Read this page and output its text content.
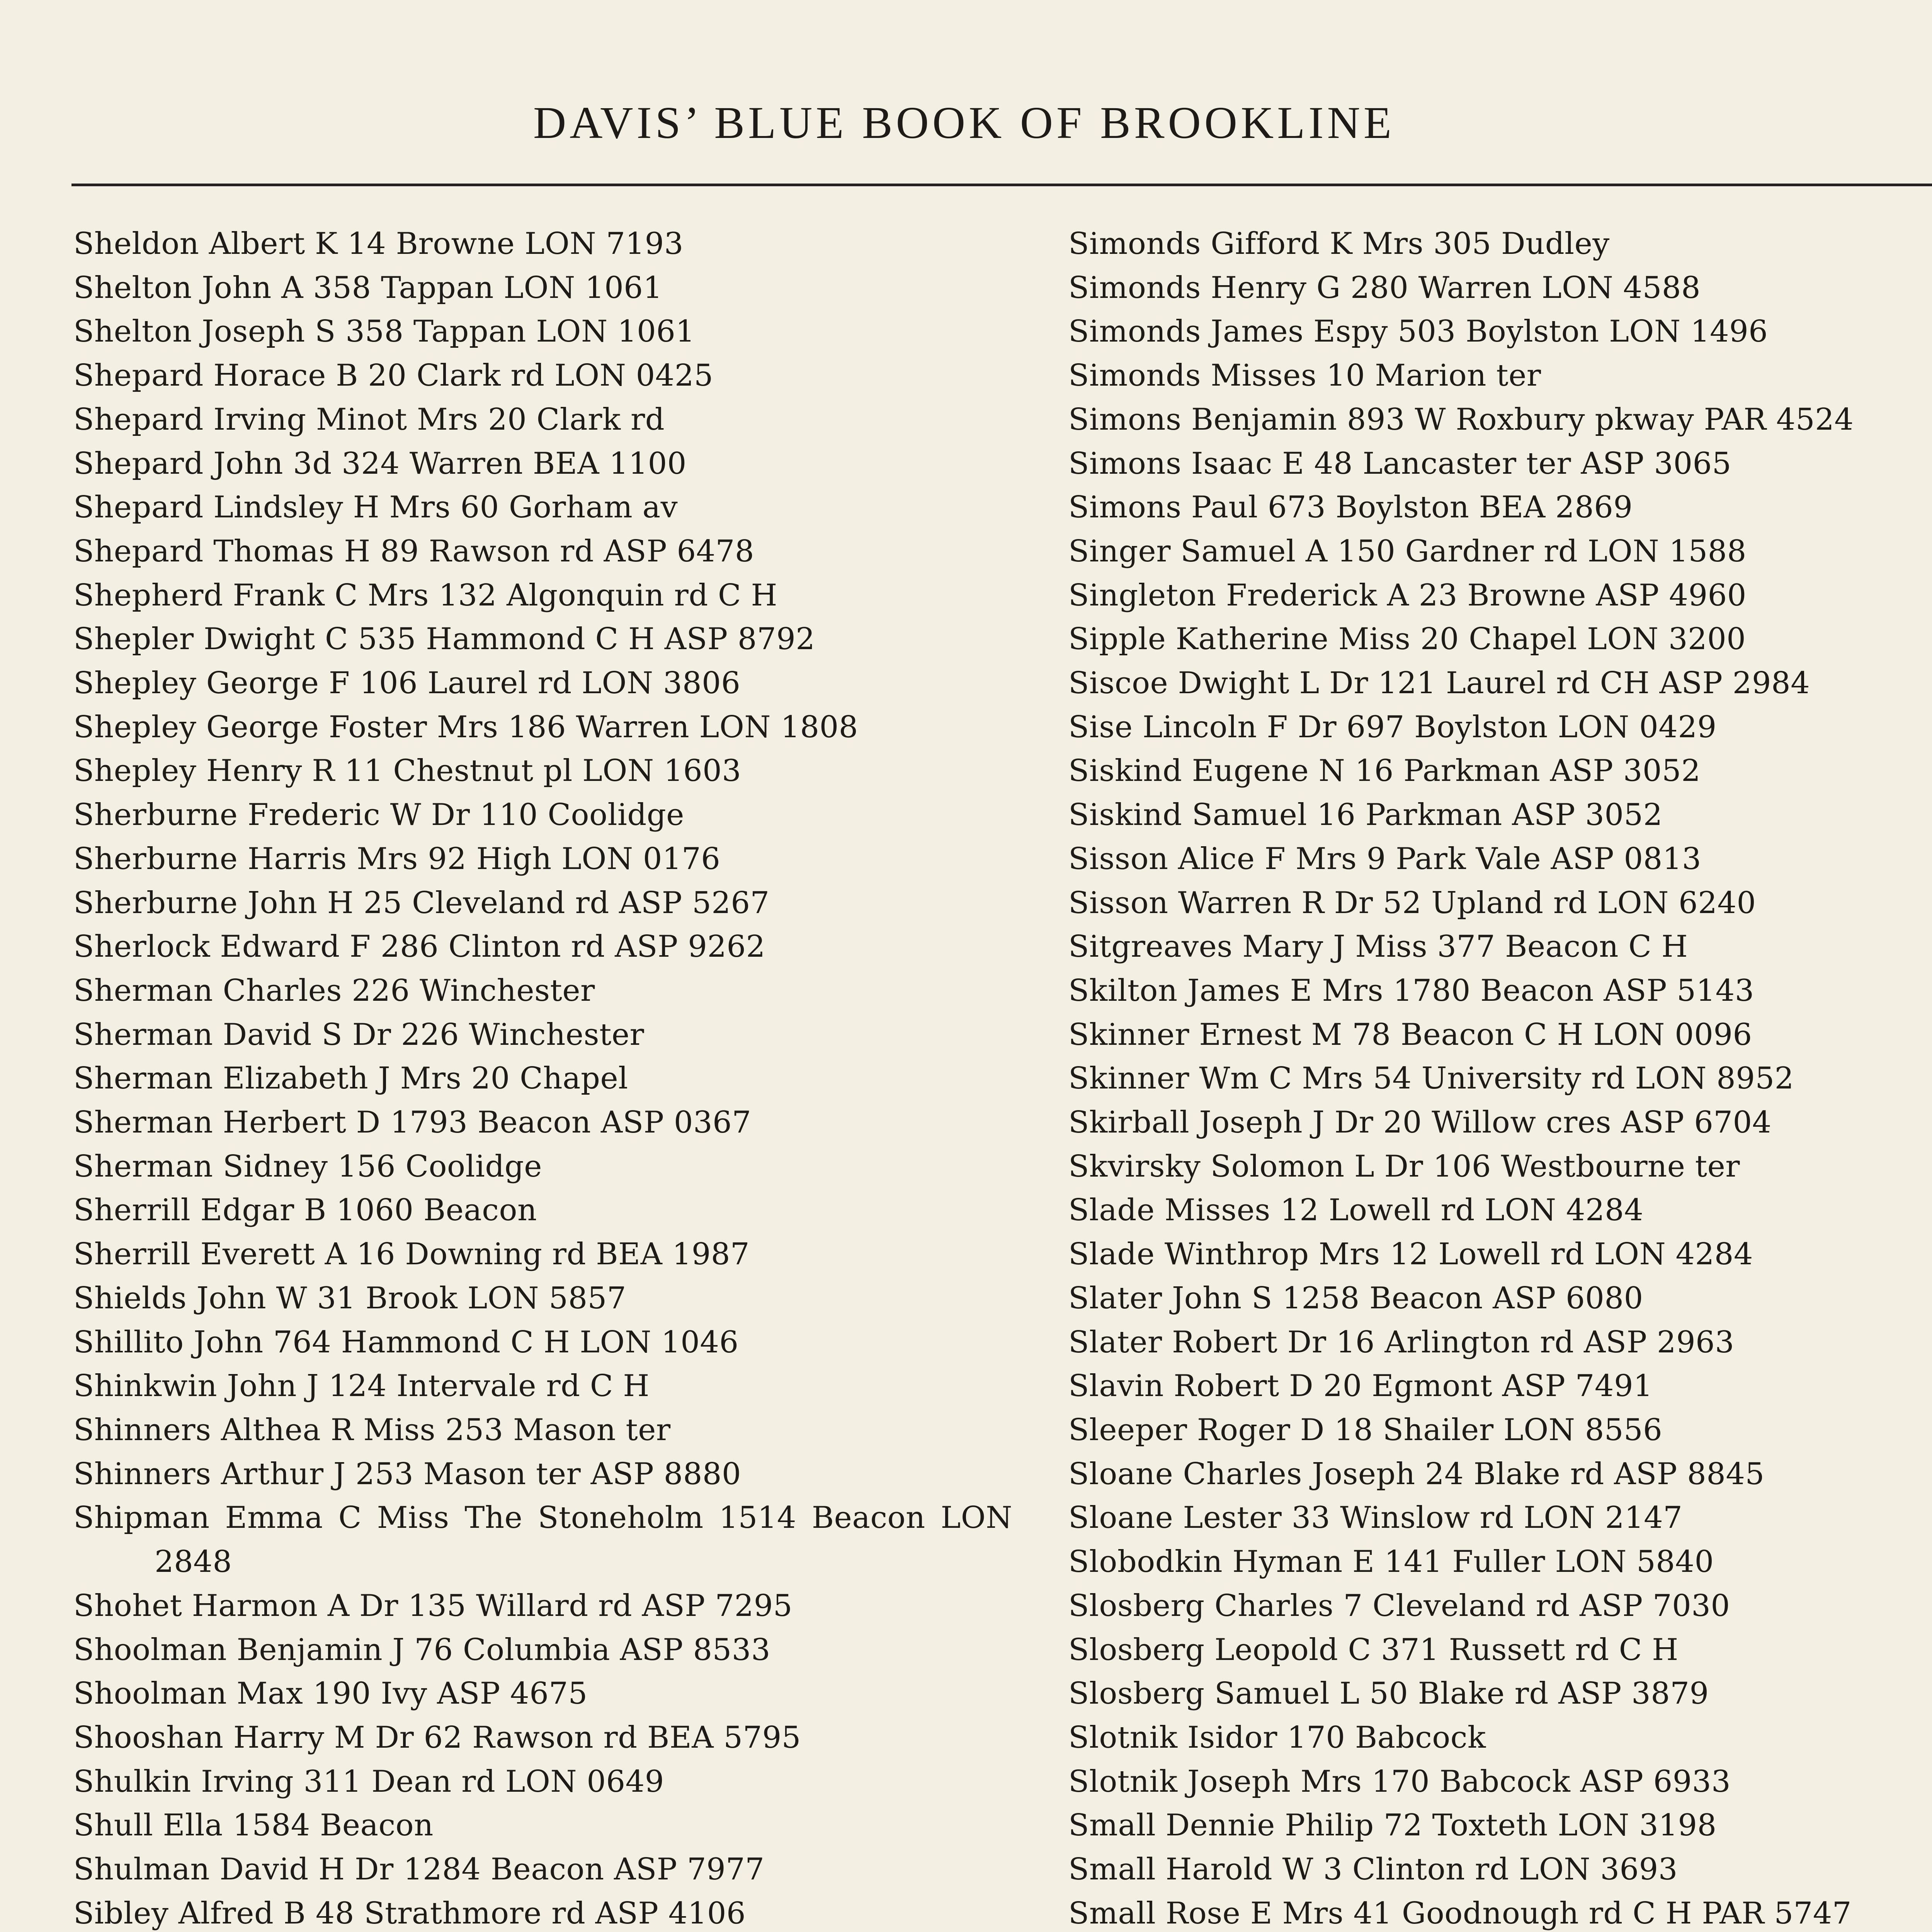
DAVIS’ BLUE BOOK OF BROOKLINE
Sheldon Albert K 14 Browne LON 7193
Shelton John A 358 Tappan LON 1061
Shelton Joseph S 358 Tappan LON 1061
Shepard Horace B 20 Clark rd LON 0425
Shepard Irving Minot Mrs 20 Clark rd
Shepard John 3d 324 Warren BEA 1100
Shepard Lindsley H Mrs 60 Gorham av
Shepard Thomas H 89 Rawson rd ASP 6478
Shepherd Frank C Mrs 132 Algonquin rd C H
Shepler Dwight C 535 Hammond C H ASP 8792
Shepley George F 106 Laurel rd LON 3806
Shepley George Foster Mrs 186 Warren LON 1808
Shepley Henry R 11 Chestnut pl LON 1603
Sherburne Frederic W Dr 110 Coolidge
Sherburne Harris Mrs 92 High LON 0176
Sherburne John H 25 Cleveland rd ASP 5267
Sherlock Edward F 286 Clinton rd ASP 9262
Sherman Charles 226 Winchester
Sherman David S Dr 226 Winchester
Sherman Elizabeth J Mrs 20 Chapel
Sherman Herbert D 1793 Beacon ASP 0367
Sherman Sidney 156 Coolidge
Sherrill Edgar B 1060 Beacon
Sherrill Everett A 16 Downing rd BEA 1987
Shields John W 31 Brook LON 5857
Shillito John 764 Hammond C H LON 1046
Shinkwin John J 124 Intervale rd C H
Shinners Althea R Miss 253 Mason ter
Shinners Arthur J 253 Mason ter ASP 8880
Shipman Emma C Miss The Stoneholm 1514 Beacon LON 2848
Shohet Harmon A Dr 135 Willard rd ASP 7295
Shoolman Benjamin J 76 Columbia ASP 8533
Shoolman Max 190 Ivy ASP 4675
Shooshan Harry M Dr 62 Rawson rd BEA 5795
Shulkin Irving 311 Dean rd LON 0649
Shull Ella 1584 Beacon
Shulman David H Dr 1284 Beacon ASP 7977
Sibley Alfred B 48 Strathmore rd ASP 4106
Simonds Gifford K Mrs 305 Dudley
Simonds Henry G 280 Warren LON 4588
Simonds James Espy 503 Boylston LON 1496
Simonds Misses 10 Marion ter
Simons Benjamin 893 W Roxbury pkway PAR 4524
Simons Isaac E 48 Lancaster ter ASP 3065
Simons Paul 673 Boylston BEA 2869
Singer Samuel A 150 Gardner rd LON 1588
Singleton Frederick A 23 Browne ASP 4960
Sipple Katherine Miss 20 Chapel LON 3200
Siscoe Dwight L Dr 121 Laurel rd CH ASP 2984
Sise Lincoln F Dr 697 Boylston LON 0429
Siskind Eugene N 16 Parkman ASP 3052
Siskind Samuel 16 Parkman ASP 3052
Sisson Alice F Mrs 9 Park Vale ASP 0813
Sisson Warren R Dr 52 Upland rd LON 6240
Sitgreaves Mary J Miss 377 Beacon C H
Skilton James E Mrs 1780 Beacon ASP 5143
Skinner Ernest M 78 Beacon C H LON 0096
Skinner Wm C Mrs 54 University rd LON 8952
Skirball Joseph J Dr 20 Willow cres ASP 6704
Skvirsky Solomon L Dr 106 Westbourne ter
Slade Misses 12 Lowell rd LON 4284
Slade Winthrop Mrs 12 Lowell rd LON 4284
Slater John S 1258 Beacon ASP 6080
Slater Robert Dr 16 Arlington rd ASP 2963
Slavin Robert D 20 Egmont ASP 7491
Sleeper Roger D 18 Shailer LON 8556
Sloane Charles Joseph 24 Blake rd ASP 8845
Sloane Lester 33 Winslow rd LON 2147
Slobodkin Hyman E 141 Fuller LON 5840
Slosberg Charles 7 Cleveland rd ASP 7030
Slosberg Leopold C 371 Russett rd C H
Slosberg Samuel L 50 Blake rd ASP 3879
Slotnik Isidor 170 Babcock
Slotnik Joseph Mrs 170 Babcock ASP 6933
Small Dennie Philip 72 Toxteth LON 3198
Small Harold W 3 Clinton rd LON 3693
Small Rose E Mrs 41 Goodnough rd C H PAR 5747
